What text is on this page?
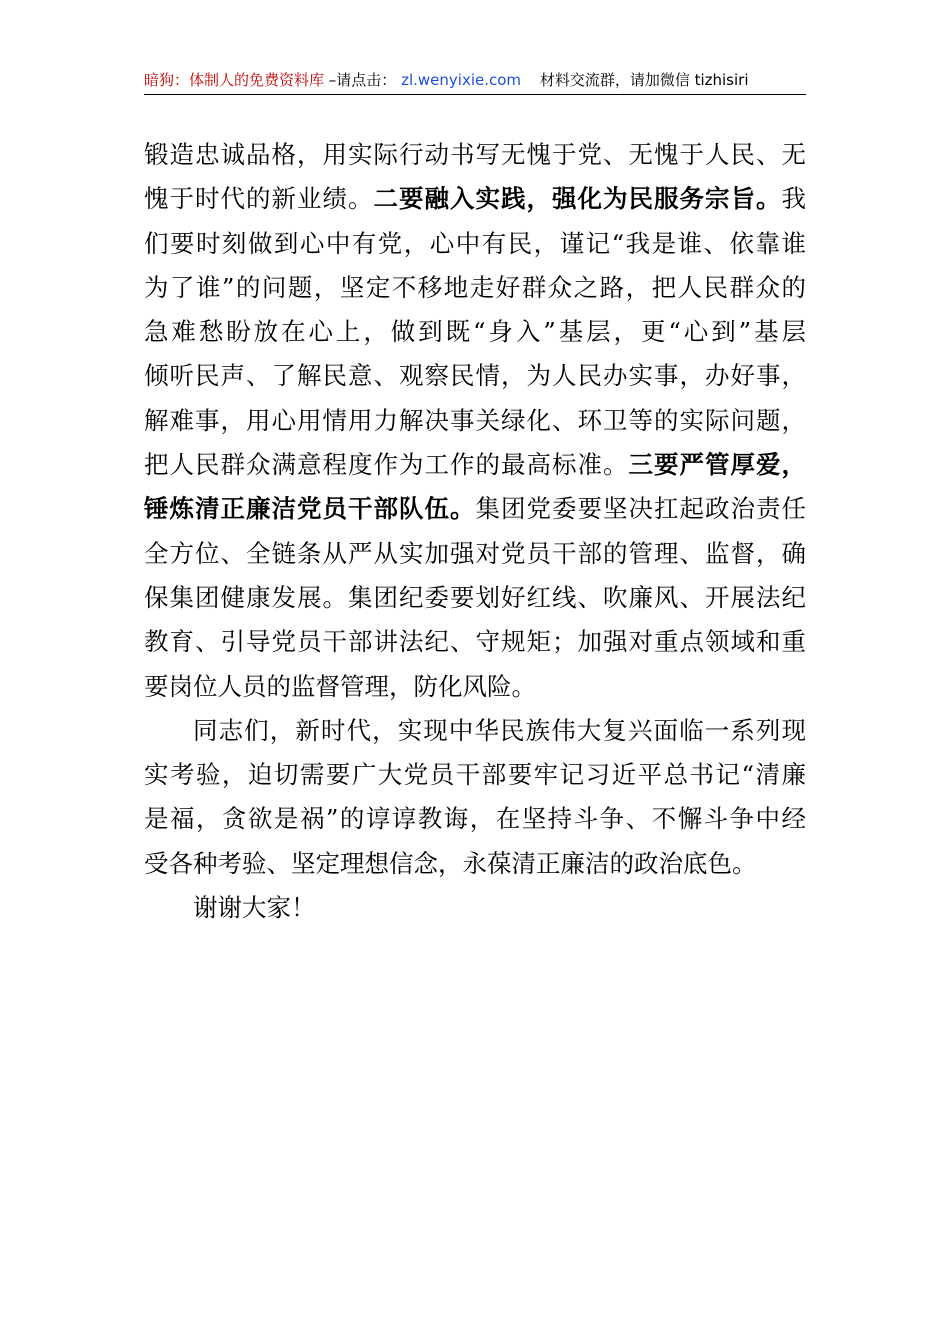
暗狗：体制人的免费资料库 –请点击： zl.wenyixie.com 材料交流群，请加微信 tizhisiri
锻造忠诚品格，用实际行动书写无愧于党、无愧于人民、无
愧于时代的新业绩。二要融入实践，强化为民服务宗旨。我
们要时刻做到心中有党，心中有民，谨记“我是谁、依靠谁
为了谁”的问题，坚定不移地走好群众之路，把人民群众的
急难愁盼放在心上，做到既“身入”基层，更“心到”基层
倾听民声、了解民意、观察民情，为人民办实事，办好事，
解难事，用心用情用力解决事关绿化、环卫等的实际问题，
把人民群众满意程度作为工作的最高标准。三要严管厚爱，
锤炼清正廉洁党员干部队伍。集团党委要坚决扛起政治责任
全方位、全链条从严从实加强对党员干部的管理、监督，确
保集团健康发展。集团纪委要划好红线、吹廉风、开展法纪
教育、引导党员干部讲法纪、守规矩；加强对重点领域和重
要岗位人员的监督管理，防化风险。
同志们，新时代，实现中华民族伟大复兴面临一系列现
实考验，迫切需要广大党员干部要牢记习近平总书记“清廉
是福，贪欲是祸”的谆谆教诲，在坚持斗争、不懈斗争中经
受各种考验、坚定理想信念，永葆清正廉洁的政治底色。
谢谢大家！
